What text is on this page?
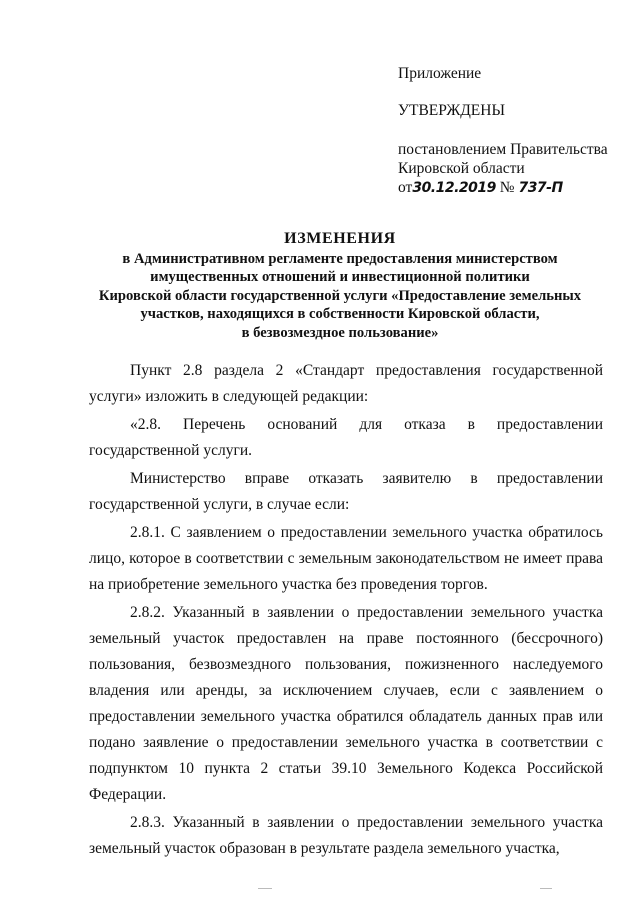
Приложение

УТВЕРЖДЕНЫ

постановлением Правительства

Кировской области

от30.12.2019 № 737-П

ИЗМЕНЕНИЯ

в Административном регламенте предоставления министерством

имущественных отношений и инвестиционной политики

Кировской области государственной услуги «Предоставление земельных

участков, находящихся в собственности Кировской области,

в безвозмездное пользование»

Пункт 2.8 раздела 2 «Стандарт предоставления государственной услуги» изложить в следующей редакции:

«2.8. Перечень оснований для отказа в предоставлении государственной услуги.

Министерство вправе отказать заявителю в предоставлении государственной услуги, в случае если:

2.8.1. С заявлением о предоставлении земельного участка обратилось лицо, которое в соответствии с земельным законодательством не имеет права на приобретение земельного участка без проведения торгов.

2.8.2. Указанный в заявлении о предоставлении земельного участка земельный участок предоставлен на праве постоянного (бессрочного) пользования, безвозмездного пользования, пожизненного наследуемого владения или аренды, за исключением случаев, если с заявлением о предоставлении земельного участка обратился обладатель данных прав или подано заявление о предоставлении земельного участка в соответствии с подпунктом 10 пункта 2 статьи 39.10 Земельного Кодекса Российской Федерации.

2.8.3. Указанный в заявлении о предоставлении земельного участка земельный участок образован в результате раздела земельного участка,
